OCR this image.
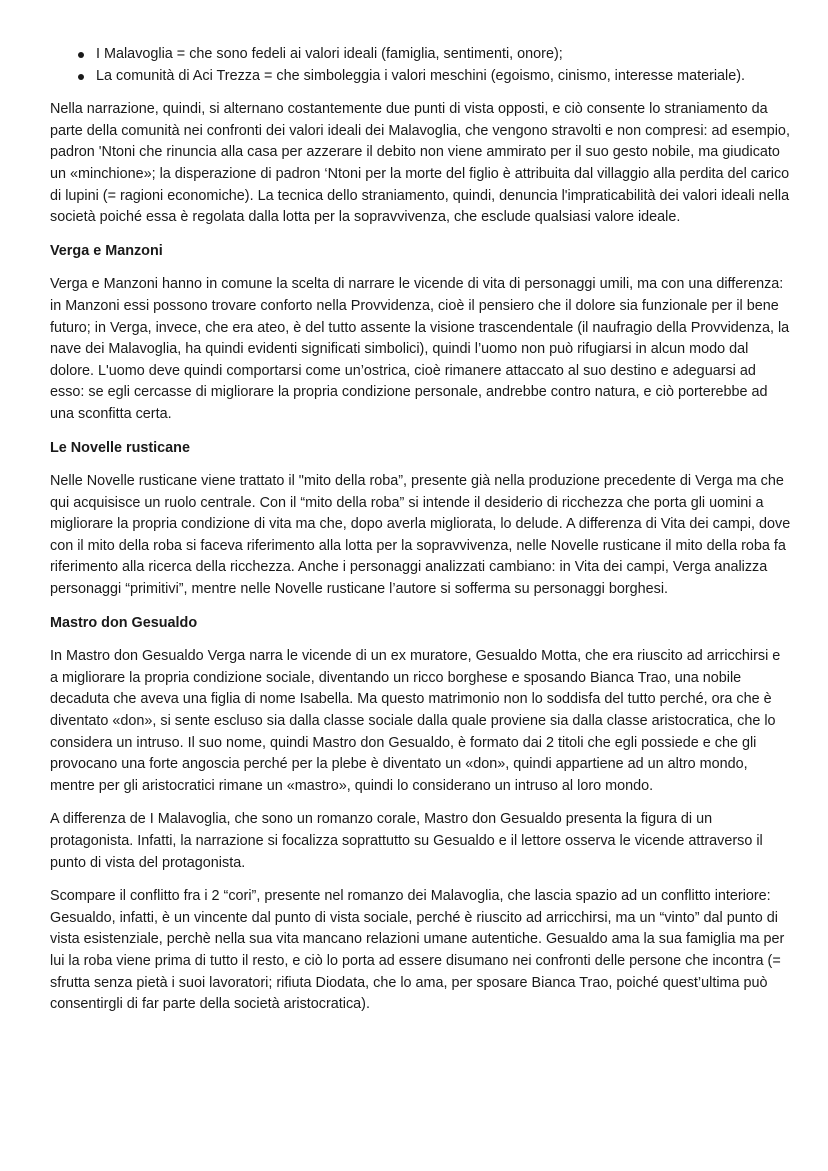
I Malavoglia = che sono fedeli ai valori ideali (famiglia, sentimenti, onore);
La comunità di Aci Trezza = che simboleggia i valori meschini (egoismo, cinismo, interesse materiale).

Nella narrazione, quindi, si alternano costantemente due punti di vista opposti, e ciò consente lo straniamento da parte della comunità nei confronti dei valori ideali dei Malavoglia, che vengono stravolti e non compresi: ad esempio, padron 'Ntoni che rinuncia alla casa per azzerare il debito non viene ammirato per il suo gesto nobile, ma giudicato un «minchione»; la disperazione di padron ‘Ntoni per la morte del figlio è attribuita dal villaggio alla perdita del carico di lupini (= ragioni economiche). La tecnica dello straniamento, quindi, denuncia l'impraticabilità dei valori ideali nella società poiché essa è regolata dalla lotta per la sopravvivenza, che esclude qualsiasi valore ideale.

Verga e Manzoni

Verga e Manzoni hanno in comune la scelta di narrare le vicende di vita di personaggi umili, ma con una differenza: in Manzoni essi possono trovare conforto nella Provvidenza, cioè il pensiero che il dolore sia funzionale per il bene futuro; in Verga, invece, che era ateo, è del tutto assente la visione trascendentale (il naufragio della Provvidenza, la nave dei Malavoglia, ha quindi evidenti significati simbolici), quindi l’uomo non può rifugiarsi in alcun modo dal dolore. L'uomo deve quindi comportarsi come un’ostrica, cioè rimanere attaccato al suo destino e adeguarsi ad esso: se egli cercasse di migliorare la propria condizione personale, andrebbe contro natura, e ciò porterebbe ad una sconfitta certa.

Le Novelle rusticane

Nelle Novelle rusticane viene trattato il "mito della roba”, presente già nella produzione precedente di Verga ma che qui acquisisce un ruolo centrale. Con il “mito della roba” si intende il desiderio di ricchezza che porta gli uomini a migliorare la propria condizione di vita ma che, dopo averla migliorata, lo delude. A differenza di Vita dei campi, dove con il mito della roba si faceva riferimento alla lotta per la sopravvivenza, nelle Novelle rusticane il mito della roba fa riferimento alla ricerca della ricchezza. Anche i personaggi analizzati cambiano: in Vita dei campi, Verga analizza personaggi “primitivi”, mentre nelle Novelle rusticane l’autore si sofferma su personaggi borghesi.

Mastro don Gesualdo

In Mastro don Gesualdo Verga narra le vicende di un ex muratore, Gesualdo Motta, che era riuscito ad arricchirsi e a migliorare la propria condizione sociale, diventando un ricco borghese e sposando Bianca Trao, una nobile decaduta che aveva una figlia di nome Isabella. Ma questo matrimonio non lo soddisfa del tutto perché, ora che è diventato «don», si sente escluso sia dalla classe sociale dalla quale proviene sia dalla classe aristocratica, che lo considera un intruso. Il suo nome, quindi Mastro don Gesualdo, è formato dai 2 titoli che egli possiede e che gli provocano una forte angoscia perché per la plebe è diventato un «don», quindi appartiene ad un altro mondo, mentre per gli aristocratici rimane un «mastro», quindi lo considerano un intruso al loro mondo.

A differenza de I Malavoglia, che sono un romanzo corale, Mastro don Gesualdo presenta la figura di un protagonista. Infatti, la narrazione si focalizza soprattutto su Gesualdo e il lettore osserva le vicende attraverso il punto di vista del protagonista.

Scompare il conflitto fra i 2 “cori”, presente nel romanzo dei Malavoglia, che lascia spazio ad un conflitto interiore: Gesualdo, infatti, è un vincente dal punto di vista sociale, perché è riuscito ad arricchirsi, ma un “vinto” dal punto di vista esistenziale, perchè nella sua vita mancano relazioni umane autentiche. Gesualdo ama la sua famiglia ma per lui la roba viene prima di tutto il resto, e ciò lo porta ad essere disumano nei confronti delle persone che incontra (= sfrutta senza pietà i suoi lavoratori; rifiuta Diodata, che lo ama, per sposare Bianca Trao, poiché quest’ultima può consentirgli di far parte della società aristocratica).
